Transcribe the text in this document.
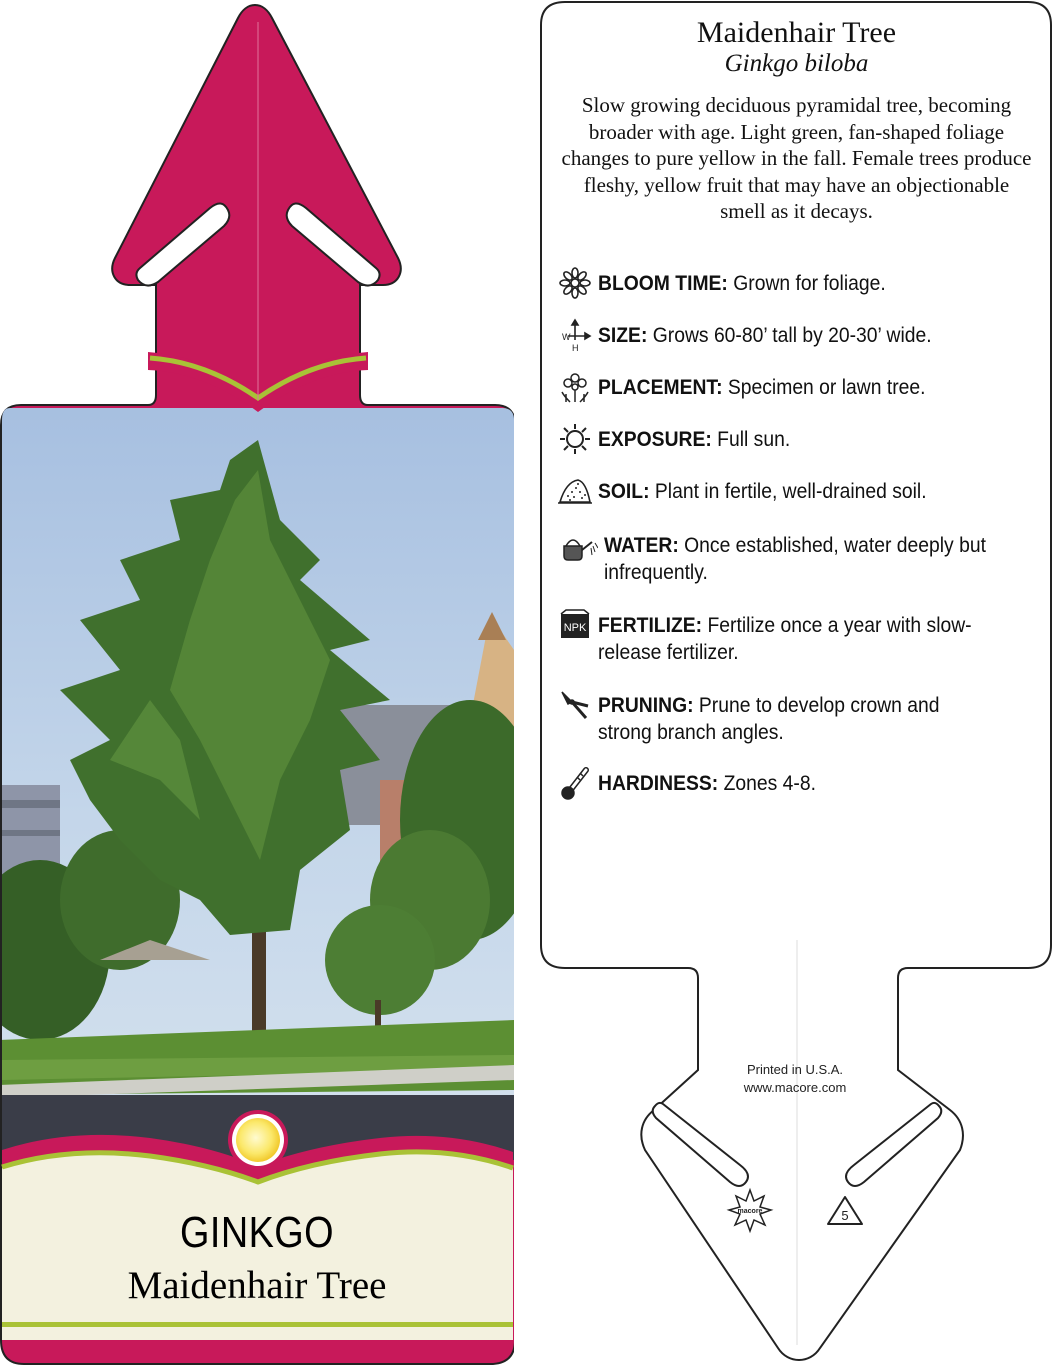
GINKGO
Maidenhair Tree
macore	5
Maidenhair Tree
Ginkgo biloba
Slow growing deciduous pyramidal tree, becoming broader with age. Light green, fan-shaped foliage changes to pure yellow in the fall. Female trees produce fleshy, yellow fruit that may have an objectionable smell as it decays.
BLOOM TIME: Grown for foliage.
W
H
SIZE: Grows 60-80’ tall by 20-30’ wide.
PLACEMENT: Specimen or lawn tree.
EXPOSURE: Full sun.
SOIL: Plant in fertile, well-drained soil.
WATER: Once established, water deeply but infrequently.
NPK FERTILIZE: Fertilize once a year with slow-release fertilizer.
PRUNING: Prune to develop crown and strong branch angles.
HARDINESS: Zones 4-8.
Printed in U.S.A.
www.macore.com
